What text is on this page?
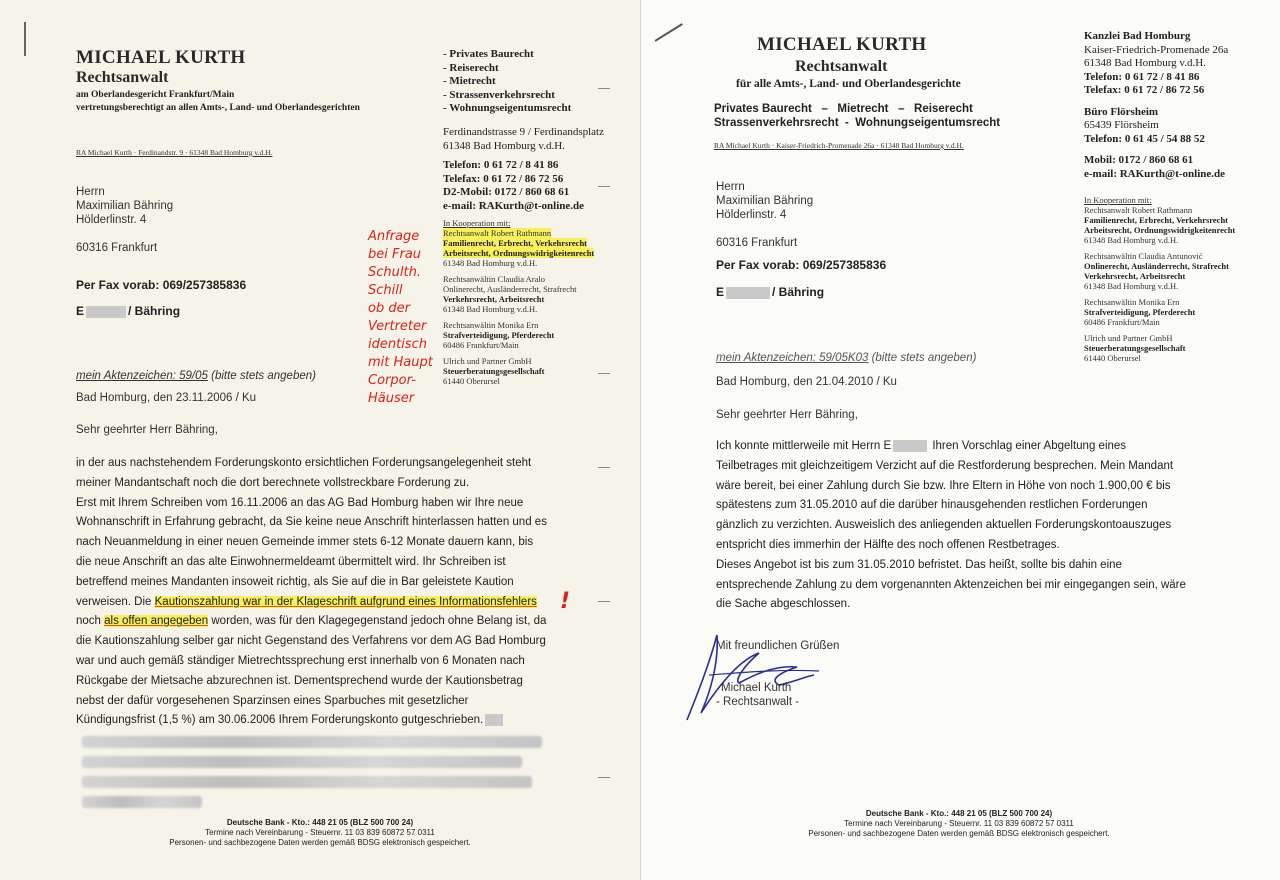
MICHAEL KURTH
Rechtsanwalt
am Oberlandesgericht Frankfurt/Main
vertretungsberechtigt an allen Amts-, Land- und Oberlandesgerichten
RA Michael Kurth · Ferdinandstr. 9 · 61348 Bad Homburg v.d.H.
- Privates Baurecht
- Reiserecht
- Mietrecht
- Strassenverkehrsrecht
- Wohnungseigentumsrecht
Ferdinandstrasse 9 / Ferdinandsplatz
61348 Bad Homburg v.d.H.
Telefon: 0 61 72 / 8 41 86
Telefax: 0 61 72 / 86 72 56
D2-Mobil: 0172 / 860 68 61
e-mail: RAKurth@t-online.de
In Kooperation mit:
Rechtsanwalt Robert Rathmann
Familienrecht, Erbrecht, Verkehrsrecht
Arbeitsrecht, Ordnungswidrigkeitenrecht
61348 Bad Homburg v.d.H.
Rechtsanwältin Claudia Aralo
Onlinerecht, Ausländerrecht, Strafrecht
Verkehrsrecht, Arbeitsrecht
61348 Bad Homburg v.d.H.
Rechtsanwältin Monika Ern
Strafverteidigung, Pferderecht
60486 Frankfurt/Main
Ulrich und Partner GmbH
Steuerberatungsgesellschaft
61440 Oberursel
Anfrage
bei Frau
Schulth.
Schill
ob der
Vertreter
identisch
mit Haupt
Corpor-
Häuser
Herrn
Maximilian Bähring
Hölderlinstr. 4
60316 Frankfurt
Per Fax vorab: 069/257385836
E	/ Bähring
mein Aktenzeichen: 59/05 (bitte stets angeben)
Bad Homburg, den 23.11.2006 / Ku
Sehr geehrter Herr Bähring,
in der aus nachstehendem Forderungskonto ersichtlichen Forderungsangelegenheit steht
meiner Mandantschaft noch die dort berechnete vollstreckbare Forderung zu.
Erst mit Ihrem Schreiben vom 16.11.2006 an das AG Bad Homburg haben wir Ihre neue
Wohnanschrift in Erfahrung gebracht, da Sie keine neue Anschrift hinterlassen hatten und es
nach Neuanmeldung in einer neuen Gemeinde immer stets 6-12 Monate dauern kann, bis
die neue Anschrift an das alte Einwohnermeldeamt übermittelt wird. Ihr Schreiben ist
betreffend meines Mandanten insoweit richtig, als Sie auf die in Bar geleistete Kaution
verweisen. Die Kautionszahlung war in der Klageschrift aufgrund eines Informationsfehlers
noch als offen angegeben worden, was für den Klagegegenstand jedoch ohne Belang ist, da
die Kautionszahlung selber gar nicht Gegenstand des Verfahrens vor dem AG Bad Homburg
war und auch gemäß ständiger Mietrechtssprechung erst innerhalb von 6 Monaten nach
Rückgabe der Mietsache abzurechnen ist. Dementsprechend wurde der Kautionsbetrag
nebst der dafür vorgesehenen Sparzinsen eines Sparbuches mit gesetzlicher
Kündigungsfrist (1,5 %) am 30.06.2006 Ihrem Forderungskonto gutgeschrieben.
!
Deutsche Bank - Kto.: 448 21 05 (BLZ 500 700 24)
Termine nach Vereinbarung - Steuernr. 11 03 839 60872 57 0311
Personen- und sachbezogene Daten werden gemäß BDSG elektronisch gespeichert.
MICHAEL KURTH
Rechtsanwalt
für alle Amts-, Land- und Oberlandesgerichte
Privates Baurecht   –   Mietrecht   –   Reiserecht
Strassenverkehrsrecht  -  Wohnungseigentumsrecht
RA Michael Kurth · Kaiser-Friedrich-Promenade 26a · 61348 Bad Homburg v.d.H.
Kanzlei Bad Homburg
Kaiser-Friedrich-Promenade 26a
61348 Bad Homburg v.d.H.
Telefon: 0 61 72 / 8 41 86
Telefax: 0 61 72 / 86 72 56
Büro Flörsheim
65439 Flörsheim
Telefon: 0 61 45 / 54 88 52
Mobil: 0172 / 860 68 61
e-mail: RAKurth@t-online.de
In Kooperation mit:
Rechtsanwalt Robert Rathmann
Familienrecht, Erbrecht, Verkehrsrecht
Arbeitsrecht, Ordnungswidrigkeitenrecht
61348 Bad Homburg v.d.H.
Rechtsanwältin Claudia Antunović
Onlinerecht, Ausländerrecht, Strafrecht
Verkehrsrecht, Arbeitsrecht
61348 Bad Homburg v.d.H.
Rechtsanwältin Monika Ern
Strafverteidigung, Pferderecht
60486 Frankfurt/Main
Ulrich und Partner GmbH
Steuerberatungsgesellschaft
61440 Oberursel
Herrn
Maximilian Bähring
Hölderlinstr. 4
60316 Frankfurt
Per Fax vorab: 069/257385836
E	/ Bähring
mein Aktenzeichen: 59/05K03 (bitte stets angeben)
Bad Homburg, den 21.04.2010 / Ku
Sehr geehrter Herr Bähring,
Ich konnte mittlerweile mit Herrn E	Ihren Vorschlag einer Abgeltung eines
Teilbetrages mit gleichzeitigem Verzicht auf die Restforderung besprechen. Mein Mandant
wäre bereit, bei einer Zahlung durch Sie bzw. Ihre Eltern in Höhe von noch 1.900,00 € bis
spätestens zum 31.05.2010 auf die darüber hinausgehenden restlichen Forderungen
gänzlich zu verzichten. Ausweislich des anliegenden aktuellen Forderungskontoauszuges
entspricht dies immerhin der Hälfte des noch offenen Restbetrages.
Dieses Angebot ist bis zum 31.05.2010 befristet. Das heißt, sollte bis dahin eine
entsprechende Zahlung zu dem vorgenannten Aktenzeichen bei mir eingegangen sein, wäre
die Sache abgeschlossen.
Mit freundlichen Grüßen
Michael Kurth
- Rechtsanwalt -
Deutsche Bank - Kto.: 448 21 05 (BLZ 500 700 24)
Termine nach Vereinbarung - Steuernr. 11 03 839 60872 57 0311
Personen- und sachbezogene Daten werden gemäß BDSG elektronisch gespeichert.
